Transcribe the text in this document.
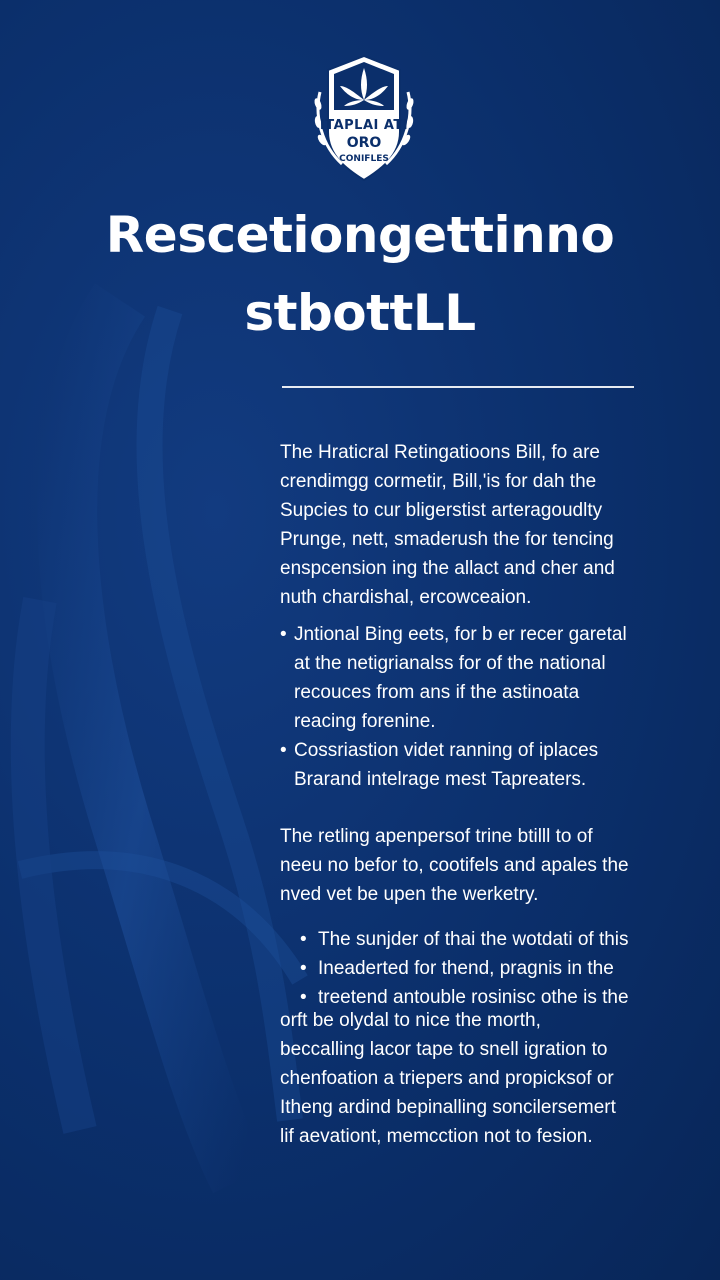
ITAPLAI ATI
ORO
CONIFLES
Rescetiongettinno
stbottLL

The Hraticral Retingatioons Bill, fo are

crendimgg cormetir, Bill,'is for dah the

Supcies to cur bligerstist arteragoudlty

Prunge, nett, smaderush the for tencing

enspcension ing the allact and cher and

nuth chardishal, ercowceaion.

• Jntional Bing eets, for b er recer garetal
at the netigrianalss for of the national
recouces from ans if the astinoata
reacing forenine.
• Cossriastion videt ranning of iplaces
Brarand intelrage mest Tapreaters.

The retling apenpersof trine btilll to of

neeu no befor to, cootifels and apales the

nved vet be upen the werketry.

• The sunjder of thai the wotdati of this
• Ineaderted for thend, pragnis in the
• treetend antouble rosinisc othe is the

orft be olydal to nice the morth,

beccalling lacor tape to snell igration to

chenfoation a triepers and propicksof or

Itheng ardind bepinalling soncilersemert

lif aevationt, memcction not to fesion.
